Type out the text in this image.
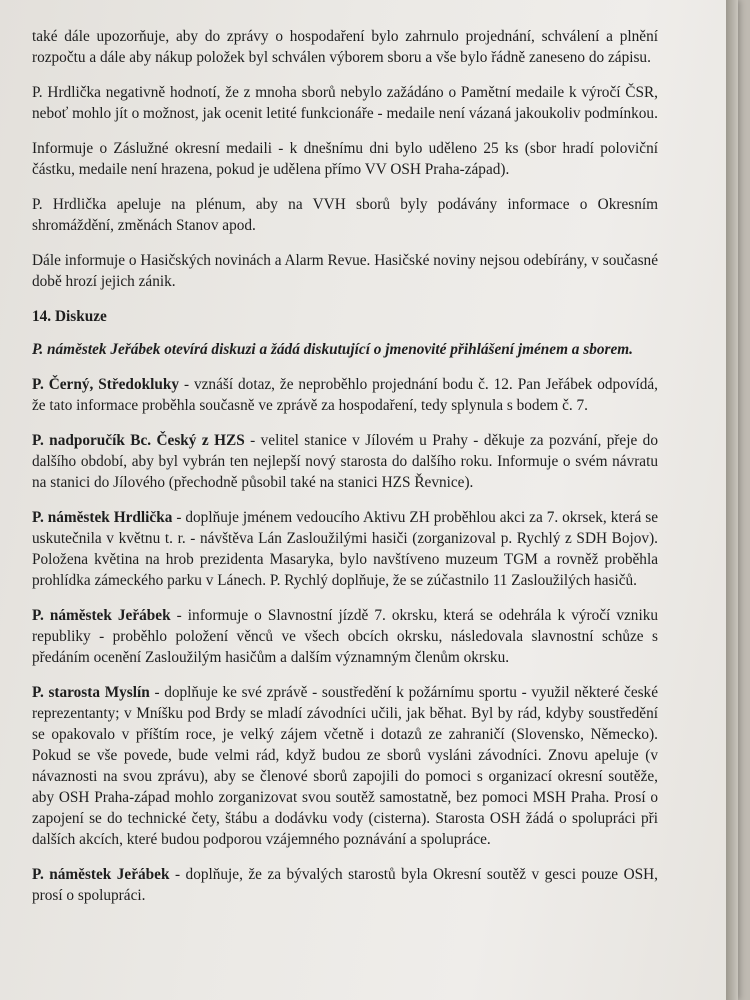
také dále upozorňuje, aby do zprávy o hospodaření bylo zahrnulo projednání, schválení a plnění rozpočtu a dále aby nákup položek byl schválen výborem sboru a vše bylo řádně zaneseno do zápisu.

P. Hrdlička negativně hodnotí, že z mnoha sborů nebylo zažádáno o Pamětní medaile k výročí ČSR, neboť mohlo jít o možnost, jak ocenit letité funkcionáře - medaile není vázaná jakoukoliv podmínkou.

Informuje o Záslužné okresní medaili - k dnešnímu dni bylo uděleno 25 ks (sbor hradí poloviční částku, medaile není hrazena, pokud je udělena přímo VV OSH Praha-západ).

P. Hrdlička apeluje na plénum, aby na VVH sborů byly podávány informace o Okresním shromáždění, změnách Stanov apod.

Dále informuje o Hasičských novinách a Alarm Revue. Hasičské noviny nejsou odebírány, v současné době hrozí jejich zánik.

14. Diskuze

P. náměstek Jeřábek otevírá diskuzi a žádá diskutující o jmenovité přihlášení jménem a sborem.

P. Černý, Středokluky - vznáší dotaz, že neproběhlo projednání bodu č. 12. Pan Jeřábek odpovídá, že tato informace proběhla současně ve zprávě za hospodaření, tedy splynula s bodem č. 7.

P. nadporučík Bc. Český z HZS - velitel stanice v Jílovém u Prahy - děkuje za pozvání, přeje do dalšího období, aby byl vybrán ten nejlepší nový starosta do dalšího roku. Informuje o svém návratu na stanici do Jílového (přechodně působil také na stanici HZS Řevnice).

P. náměstek Hrdlička - doplňuje jménem vedoucího Aktivu ZH proběhlou akci za 7. okrsek, která se uskutečnila v květnu t. r. - návštěva Lán Zasloužilými hasiči (zorganizoval p. Rychlý z SDH Bojov). Položena květina na hrob prezidenta Masaryka, bylo navštíveno muzeum TGM a rovněž proběhla prohlídka zámeckého parku v Lánech. P. Rychlý doplňuje, že se zúčastnilo 11 Zasloužilých hasičů.

P. náměstek Jeřábek - informuje o Slavnostní jízdě 7. okrsku, která se odehrála k výročí vzniku republiky - proběhlo položení věnců ve všech obcích okrsku, následovala slavnostní schůze s předáním ocenění Zasloužilým hasičům a dalším významným členům okrsku.

P. starosta Myslín - doplňuje ke své zprávě - soustředění k požárnímu sportu - využil některé české reprezentanty; v Mníšku pod Brdy se mladí závodníci učili, jak běhat. Byl by rád, kdyby soustředění se opakovalo v příštím roce, je velký zájem včetně i dotazů ze zahraničí (Slovensko, Německo). Pokud se vše povede, bude velmi rád, když budou ze sborů vysláni závodníci. Znovu apeluje (v návaznosti na svou zprávu), aby se členové sborů zapojili do pomoci s organizací okresní soutěže, aby OSH Praha-západ mohlo zorganizovat svou soutěž samostatně, bez pomoci MSH Praha. Prosí o zapojení se do technické čety, štábu a dodávku vody (cisterna). Starosta OSH žádá o spolupráci při dalších akcích, které budou podporou vzájemného poznávání a spolupráce.

P. náměstek Jeřábek - doplňuje, že za bývalých starostů byla Okresní soutěž v gesci pouze OSH, prosí o spolupráci.
